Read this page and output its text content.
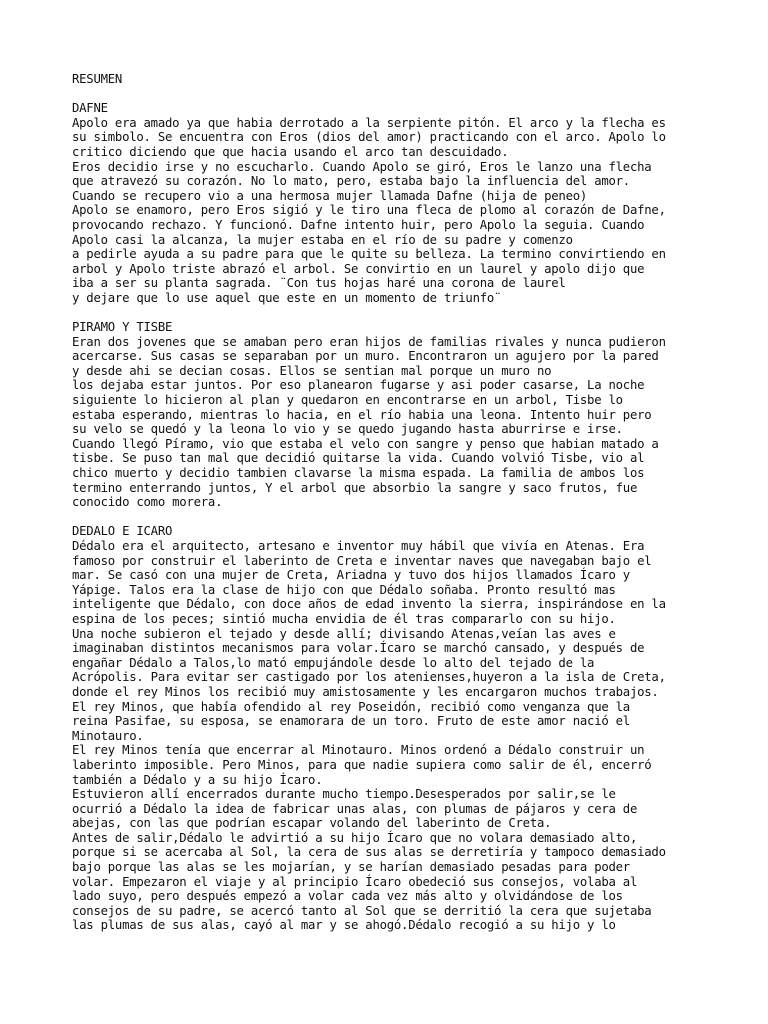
RESUMEN
DAFNE
Apolo era amado ya que habia derrotado a la serpiente pitón. El arco y la flecha es
su simbolo. Se encuentra con Eros (dios del amor) practicando con el arco. Apolo lo
critico diciendo que que hacia usando el arco tan descuidado.
Eros decidio irse y no escucharlo. Cuando Apolo se giró, Eros le lanzo una flecha
que atravezó su corazón. No lo mato, pero, estaba bajo la influencia del amor.
Cuando se recupero vio a una hermosa mujer llamada Dafne (hija de peneo)
Apolo se enamoro, pero Eros sigió y le tiro una fleca de plomo al corazón de Dafne,
provocando rechazo. Y funcionó. Dafne intento huir, pero Apolo la seguia. Cuando
Apolo casi la alcanza, la mujer estaba en el río de su padre y comenzo
a pedirle ayuda a su padre para que le quite su belleza. La termino convirtiendo en
arbol y Apolo triste abrazó el arbol. Se convirtio en un laurel y apolo dijo que
iba a ser su planta sagrada. ¨Con tus hojas haré una corona de laurel
y dejare que lo use aquel que este en un momento de triunfo¨
PIRAMO Y TISBE
Eran dos jovenes que se amaban pero eran hijos de familias rivales y nunca pudieron
acercarse. Sus casas se separaban por un muro. Encontraron un agujero por la pared
y desde ahi se decian cosas. Ellos se sentian mal porque un muro no
los dejaba estar juntos. Por eso planearon fugarse y asi poder casarse, La noche
siguiente lo hicieron al plan y quedaron en encontrarse en un arbol, Tisbe lo
estaba esperando, mientras lo hacia, en el río habia una leona. Intento huir pero
su velo se quedó y la leona lo vio y se quedo jugando hasta aburrirse e irse.
Cuando llegó Píramo, vio que estaba el velo con sangre y penso que habian matado a
tisbe. Se puso tan mal que decidió quitarse la vida. Cuando volvió Tisbe, vio al
chico muerto y decidio tambien clavarse la misma espada. La familia de ambos los
termino enterrando juntos, Y el arbol que absorbio la sangre y saco frutos, fue
conocido como morera.
DEDALO E ICARO
Dédalo era el arquitecto, artesano e inventor muy hábil que vivía en Atenas. Era
famoso por construir el laberinto de Creta e inventar naves que navegaban bajo el
mar. Se casó con una mujer de Creta, Ariadna y tuvo dos hijos llamados Ícaro y
Yápige. Talos era la clase de hijo con que Dédalo soñaba. Pronto resultó mas
inteligente que Dédalo, con doce años de edad invento la sierra, inspirándose en la
espina de los peces; sintió mucha envidia de él tras compararlo con su hijo.
Una noche subieron el tejado y desde allí; divisando Atenas,veían las aves e
imaginaban distintos mecanismos para volar.Ícaro se marchó cansado, y después de
engañar Dédalo a Talos,lo mató empujándole desde lo alto del tejado de la
Acrópolis. Para evitar ser castigado por los atenienses,huyeron a la isla de Creta,
donde el rey Minos los recibió muy amistosamente y les encargaron muchos trabajos.
El rey Minos, que había ofendido al rey Poseidón, recibió como venganza que la
reina Pasifae, su esposa, se enamorara de un toro. Fruto de este amor nació el
Minotauro.
El rey Minos tenía que encerrar al Minotauro. Minos ordenó a Dédalo construir un
laberinto imposible. Pero Minos, para que nadie supiera como salir de él, encerró
también a Dédalo y a su hijo Ícaro.
Estuvieron allí encerrados durante mucho tiempo.Desesperados por salir,se le
ocurrió a Dédalo la idea de fabricar unas alas, con plumas de pájaros y cera de
abejas, con las que podrían escapar volando del laberinto de Creta.
Antes de salir,Dédalo le advirtió a su hijo Ícaro que no volara demasiado alto,
porque si se acercaba al Sol, la cera de sus alas se derretiría y tampoco demasiado
bajo porque las alas se les mojarían, y se harían demasiado pesadas para poder
volar. Empezaron el viaje y al principio Ícaro obedeció sus consejos, volaba al
lado suyo, pero después empezó a volar cada vez más alto y olvidándose de los
consejos de su padre, se acercó tanto al Sol que se derritió la cera que sujetaba
las plumas de sus alas, cayó al mar y se ahogó.Dédalo recogió a su hijo y lo
